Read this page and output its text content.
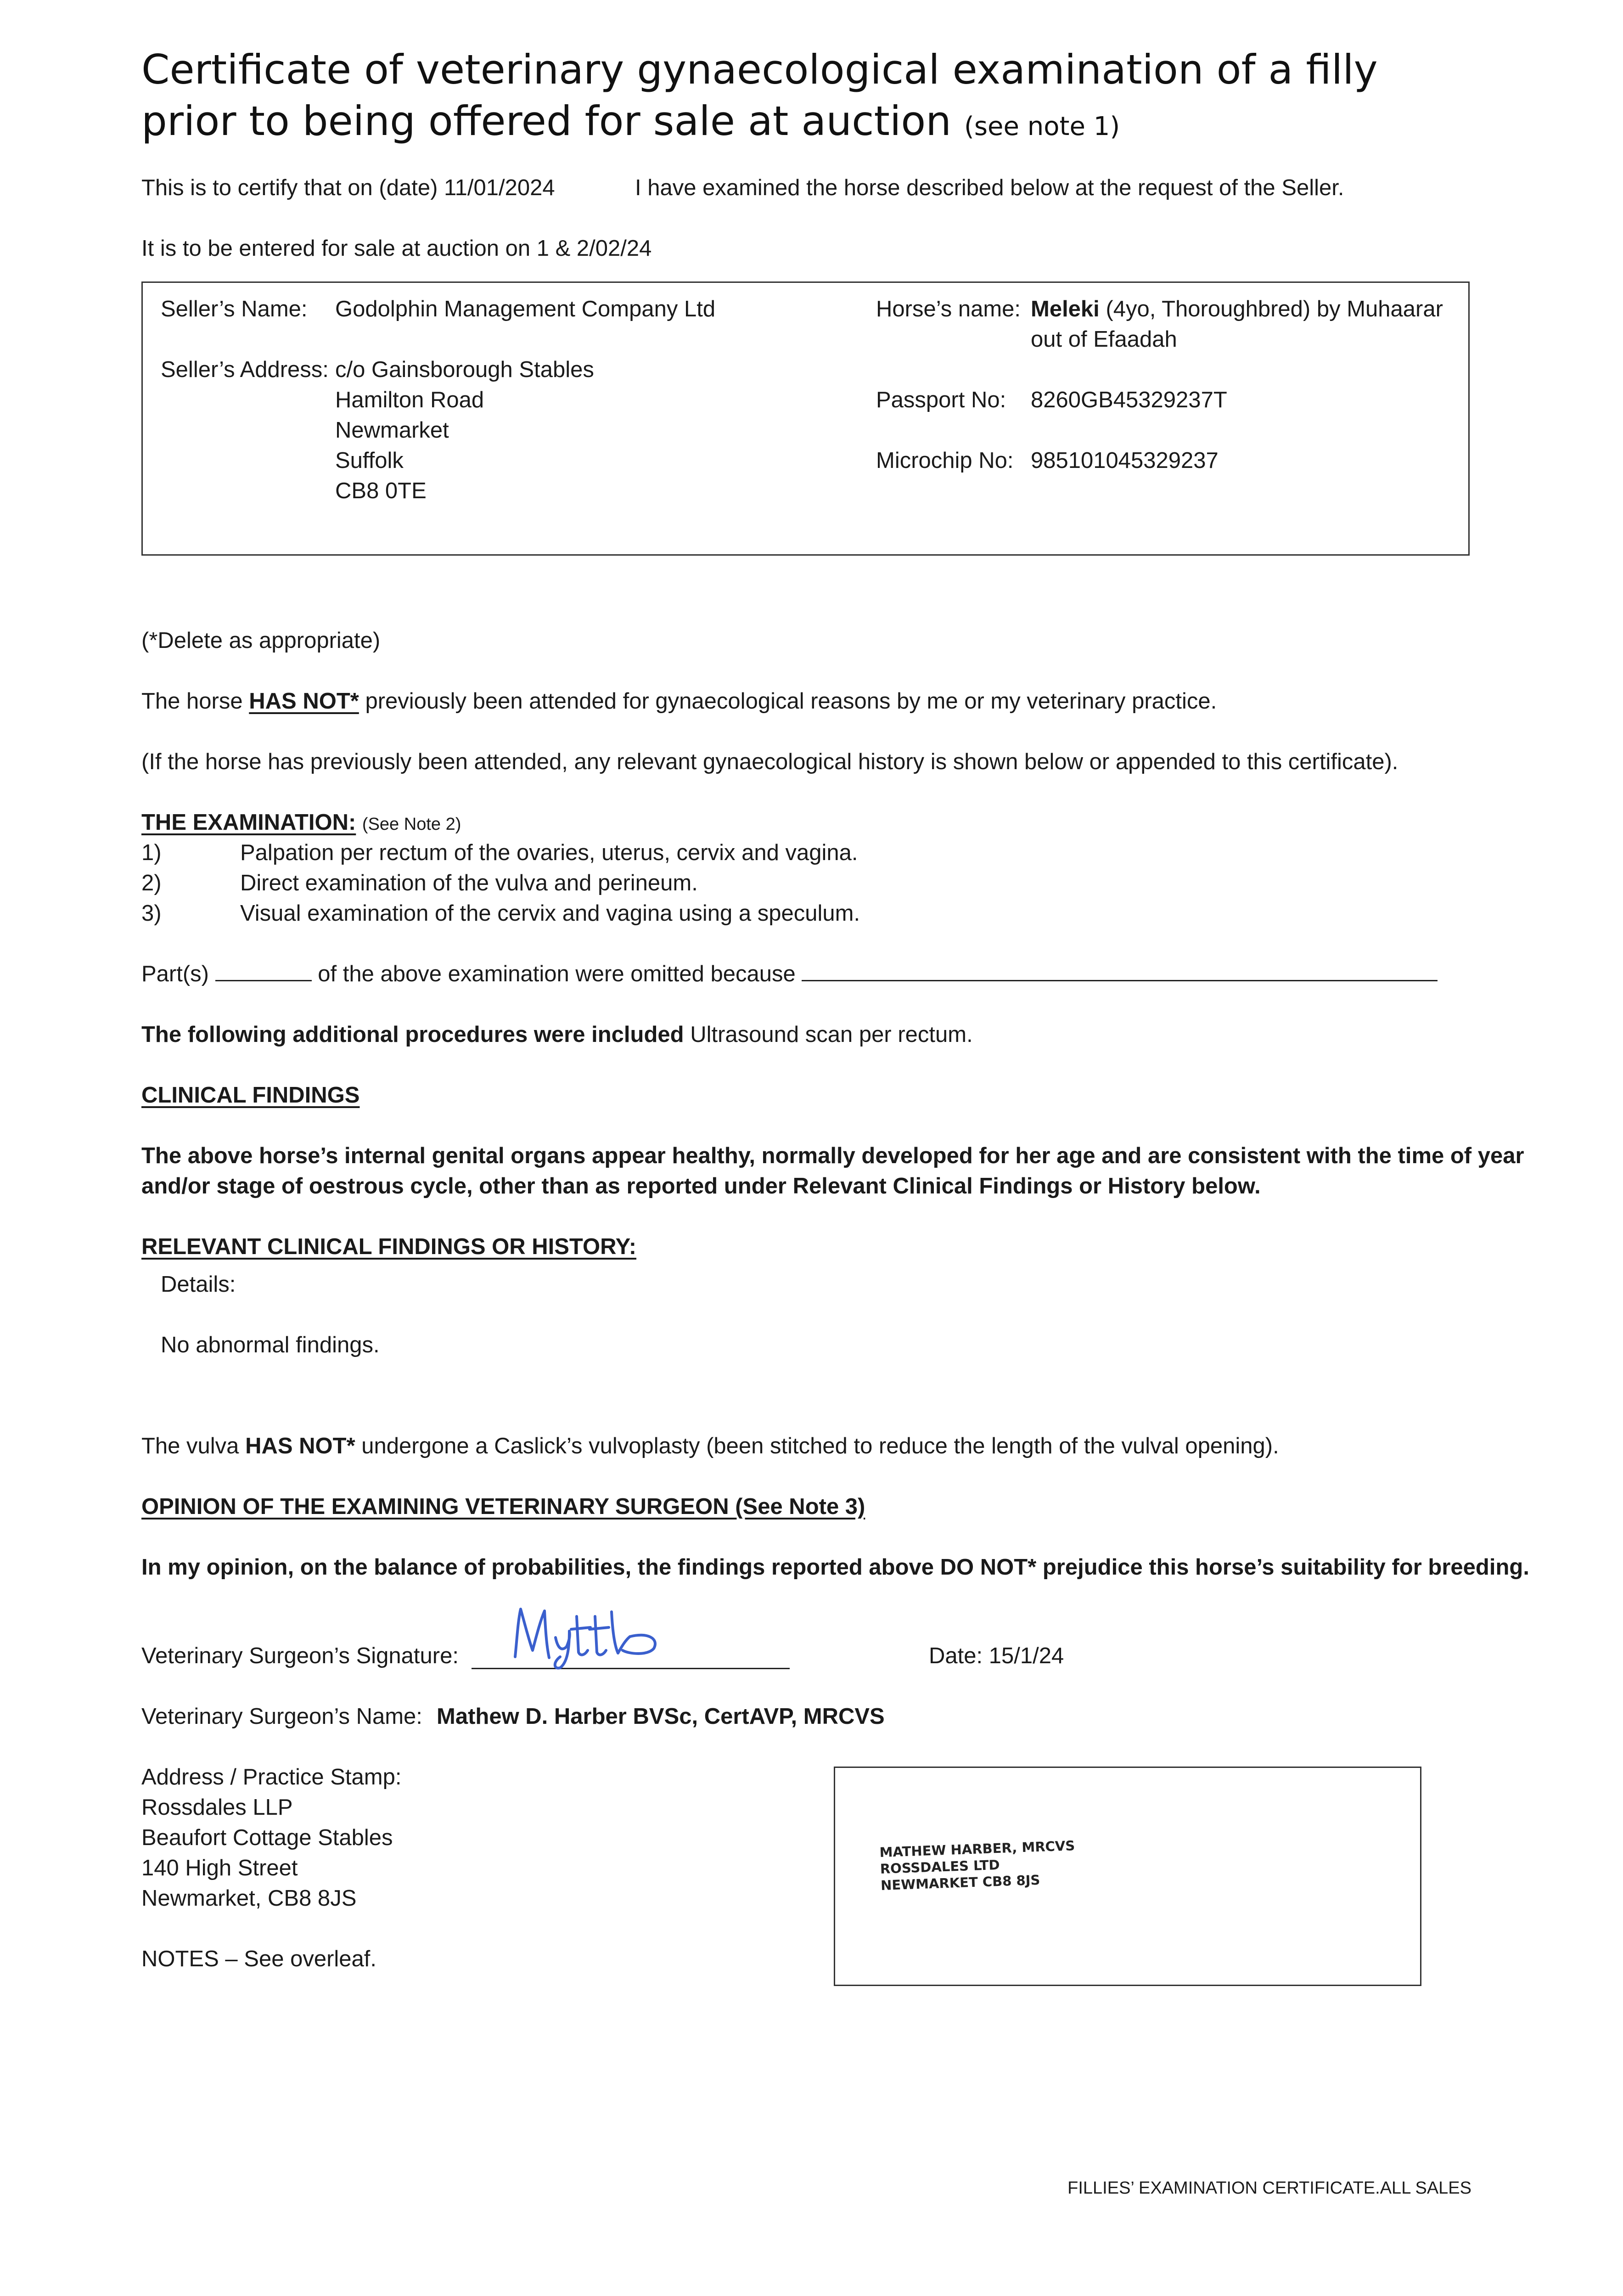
Certificate of veterinary gynaecological examination of a filly
prior to being offered for sale at auction (see note 1)
This is to certify that on (date) 11/01/2024	I have examined the horse described below at the request of the Seller.
It is to be entered for sale at auction on 1 & 2/02/24
Seller’s Name: Godolphin Management Company Ltd
Seller’s Address: c/o Gainsborough Stables
Hamilton Road
Newmarket
Suffolk
CB8 0TE
Horse’s name: Meleki (4yo, Thoroughbred) by Muhaarar
out of Efaadah
Passport No: 8260GB45329237T
Microchip No: 985101045329237
(*Delete as appropriate)
The horse HAS NOT* previously been attended for gynaecological reasons by me or my veterinary practice.
(If the horse has previously been attended, any relevant gynaecological history is shown below or appended to this certificate).
THE EXAMINATION: (See Note 2)
1)	Palpation per rectum of the ovaries, uterus, cervix and vagina.
2)	Direct examination of the vulva and perineum.
3)	Visual examination of the cervix and vagina using a speculum.
Part(s)	of the above examination were omitted because
The following additional procedures were included Ultrasound scan per rectum.
CLINICAL FINDINGS
The above horse’s internal genital organs appear healthy, normally developed for her age and are consistent with the time of year
and/or stage of oestrous cycle, other than as reported under Relevant Clinical Findings or History below.
RELEVANT CLINICAL FINDINGS OR HISTORY:
Details:
No abnormal findings.
The vulva HAS NOT* undergone a Caslick’s vulvoplasty (been stitched to reduce the length of the vulval opening).
OPINION OF THE EXAMINING VETERINARY SURGEON (See Note 3)
In my opinion, on the balance of probabilities, the findings reported above DO NOT* prejudice this horse’s suitability for breeding.
Veterinary Surgeon’s Signature:	Date: 15/1/24
Veterinary Surgeon’s Name: Mathew D. Harber BVSc, CertAVP, MRCVS
Address / Practice Stamp:
Rossdales LLP
Beaufort Cottage Stables
140 High Street
Newmarket, CB8 8JS
NOTES – See overleaf.
MATHEW HARBER, MRCVS
ROSSDALES LTD
NEWMARKET CB8 8JS
FILLIES’ EXAMINATION CERTIFICATE.ALL SALES
